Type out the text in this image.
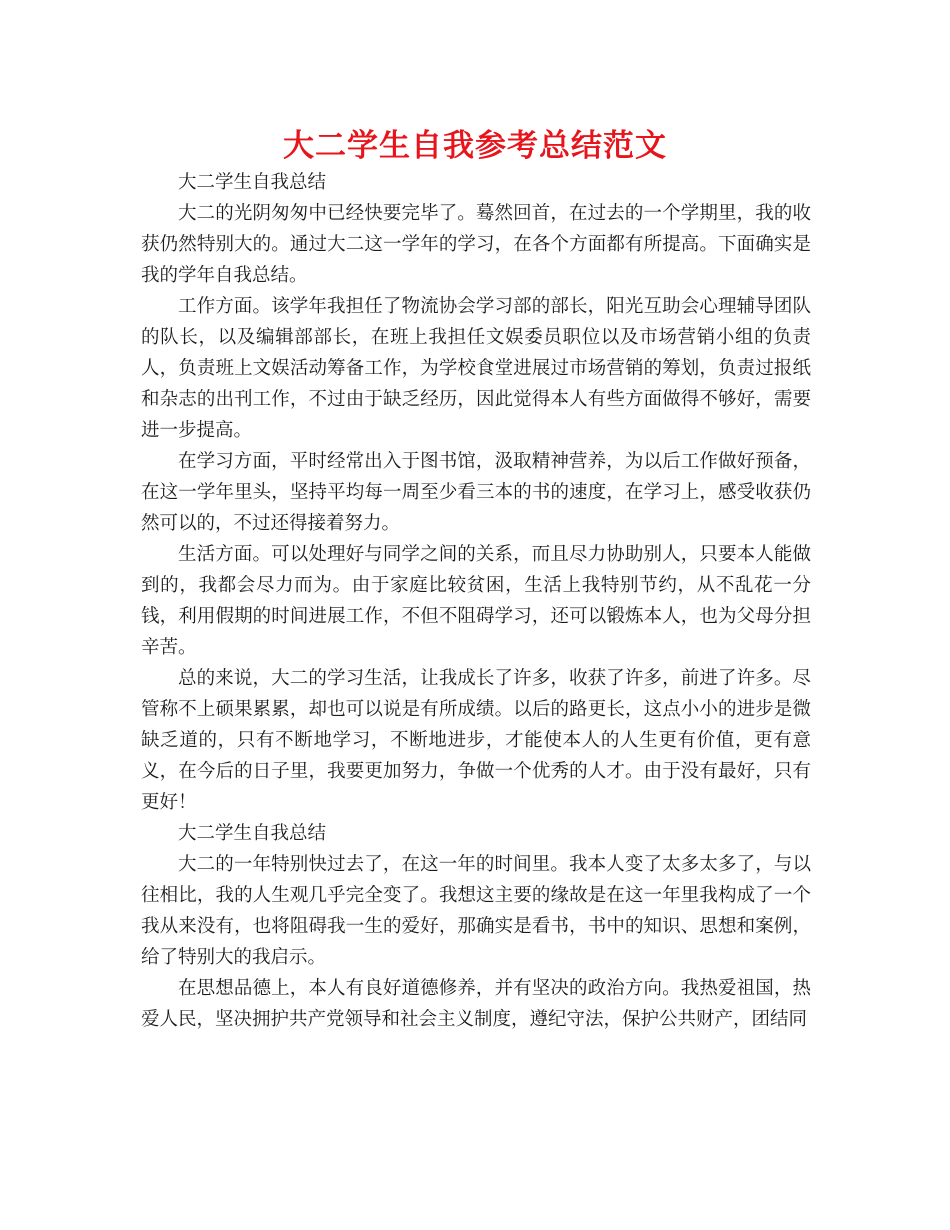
大二学生自我参考总结范文

大二学生自我总结

大二的光阴匆匆中已经快要完毕了。蓦然回首，在过去的一个学期里，我的收获仍然特别大的。通过大二这一学年的学习，在各个方面都有所提高。下面确实是我的学年自我总结。

工作方面。该学年我担任了物流协会学习部的部长，阳光互助会心理辅导团队的队长，以及编辑部部长，在班上我担任文娱委员职位以及市场营销小组的负责人，负责班上文娱活动筹备工作，为学校食堂进展过市场营销的筹划，负责过报纸和杂志的出刊工作，不过由于缺乏经历，因此觉得本人有些方面做得不够好，需要进一步提高。

在学习方面，平时经常出入于图书馆，汲取精神营养，为以后工作做好预备，在这一学年里头，坚持平均每一周至少看三本的书的速度，在学习上，感受收获仍然可以的，不过还得接着努力。

生活方面。可以处理好与同学之间的关系，而且尽力协助别人，只要本人能做到的，我都会尽力而为。由于家庭比较贫困，生活上我特别节约，从不乱花一分钱，利用假期的时间进展工作，不但不阻碍学习，还可以锻炼本人，也为父母分担辛苦。

总的来说，大二的学习生活，让我成长了许多，收获了许多，前进了许多。尽管称不上硕果累累，却也可以说是有所成绩。以后的路更长，这点小小的进步是微缺乏道的，只有不断地学习，不断地进步，才能使本人的人生更有价值，更有意义，在今后的日子里，我要更加努力，争做一个优秀的人才。由于没有最好，只有更好！

大二学生自我总结

大二的一年特别快过去了，在这一年的时间里。我本人变了太多太多了，与以往相比，我的人生观几乎完全变了。我想这主要的缘故是在这一年里我构成了一个我从来没有，也将阻碍我一生的爱好，那确实是看书，书中的知识、思想和案例，给了特别大的我启示。

在思想品德上，本人有良好道德修养，并有坚决的政治方向。我热爱祖国，热爱人民，坚决拥护共产党领导和社会主义制度，遵纪守法，保护公共财产，团结同
